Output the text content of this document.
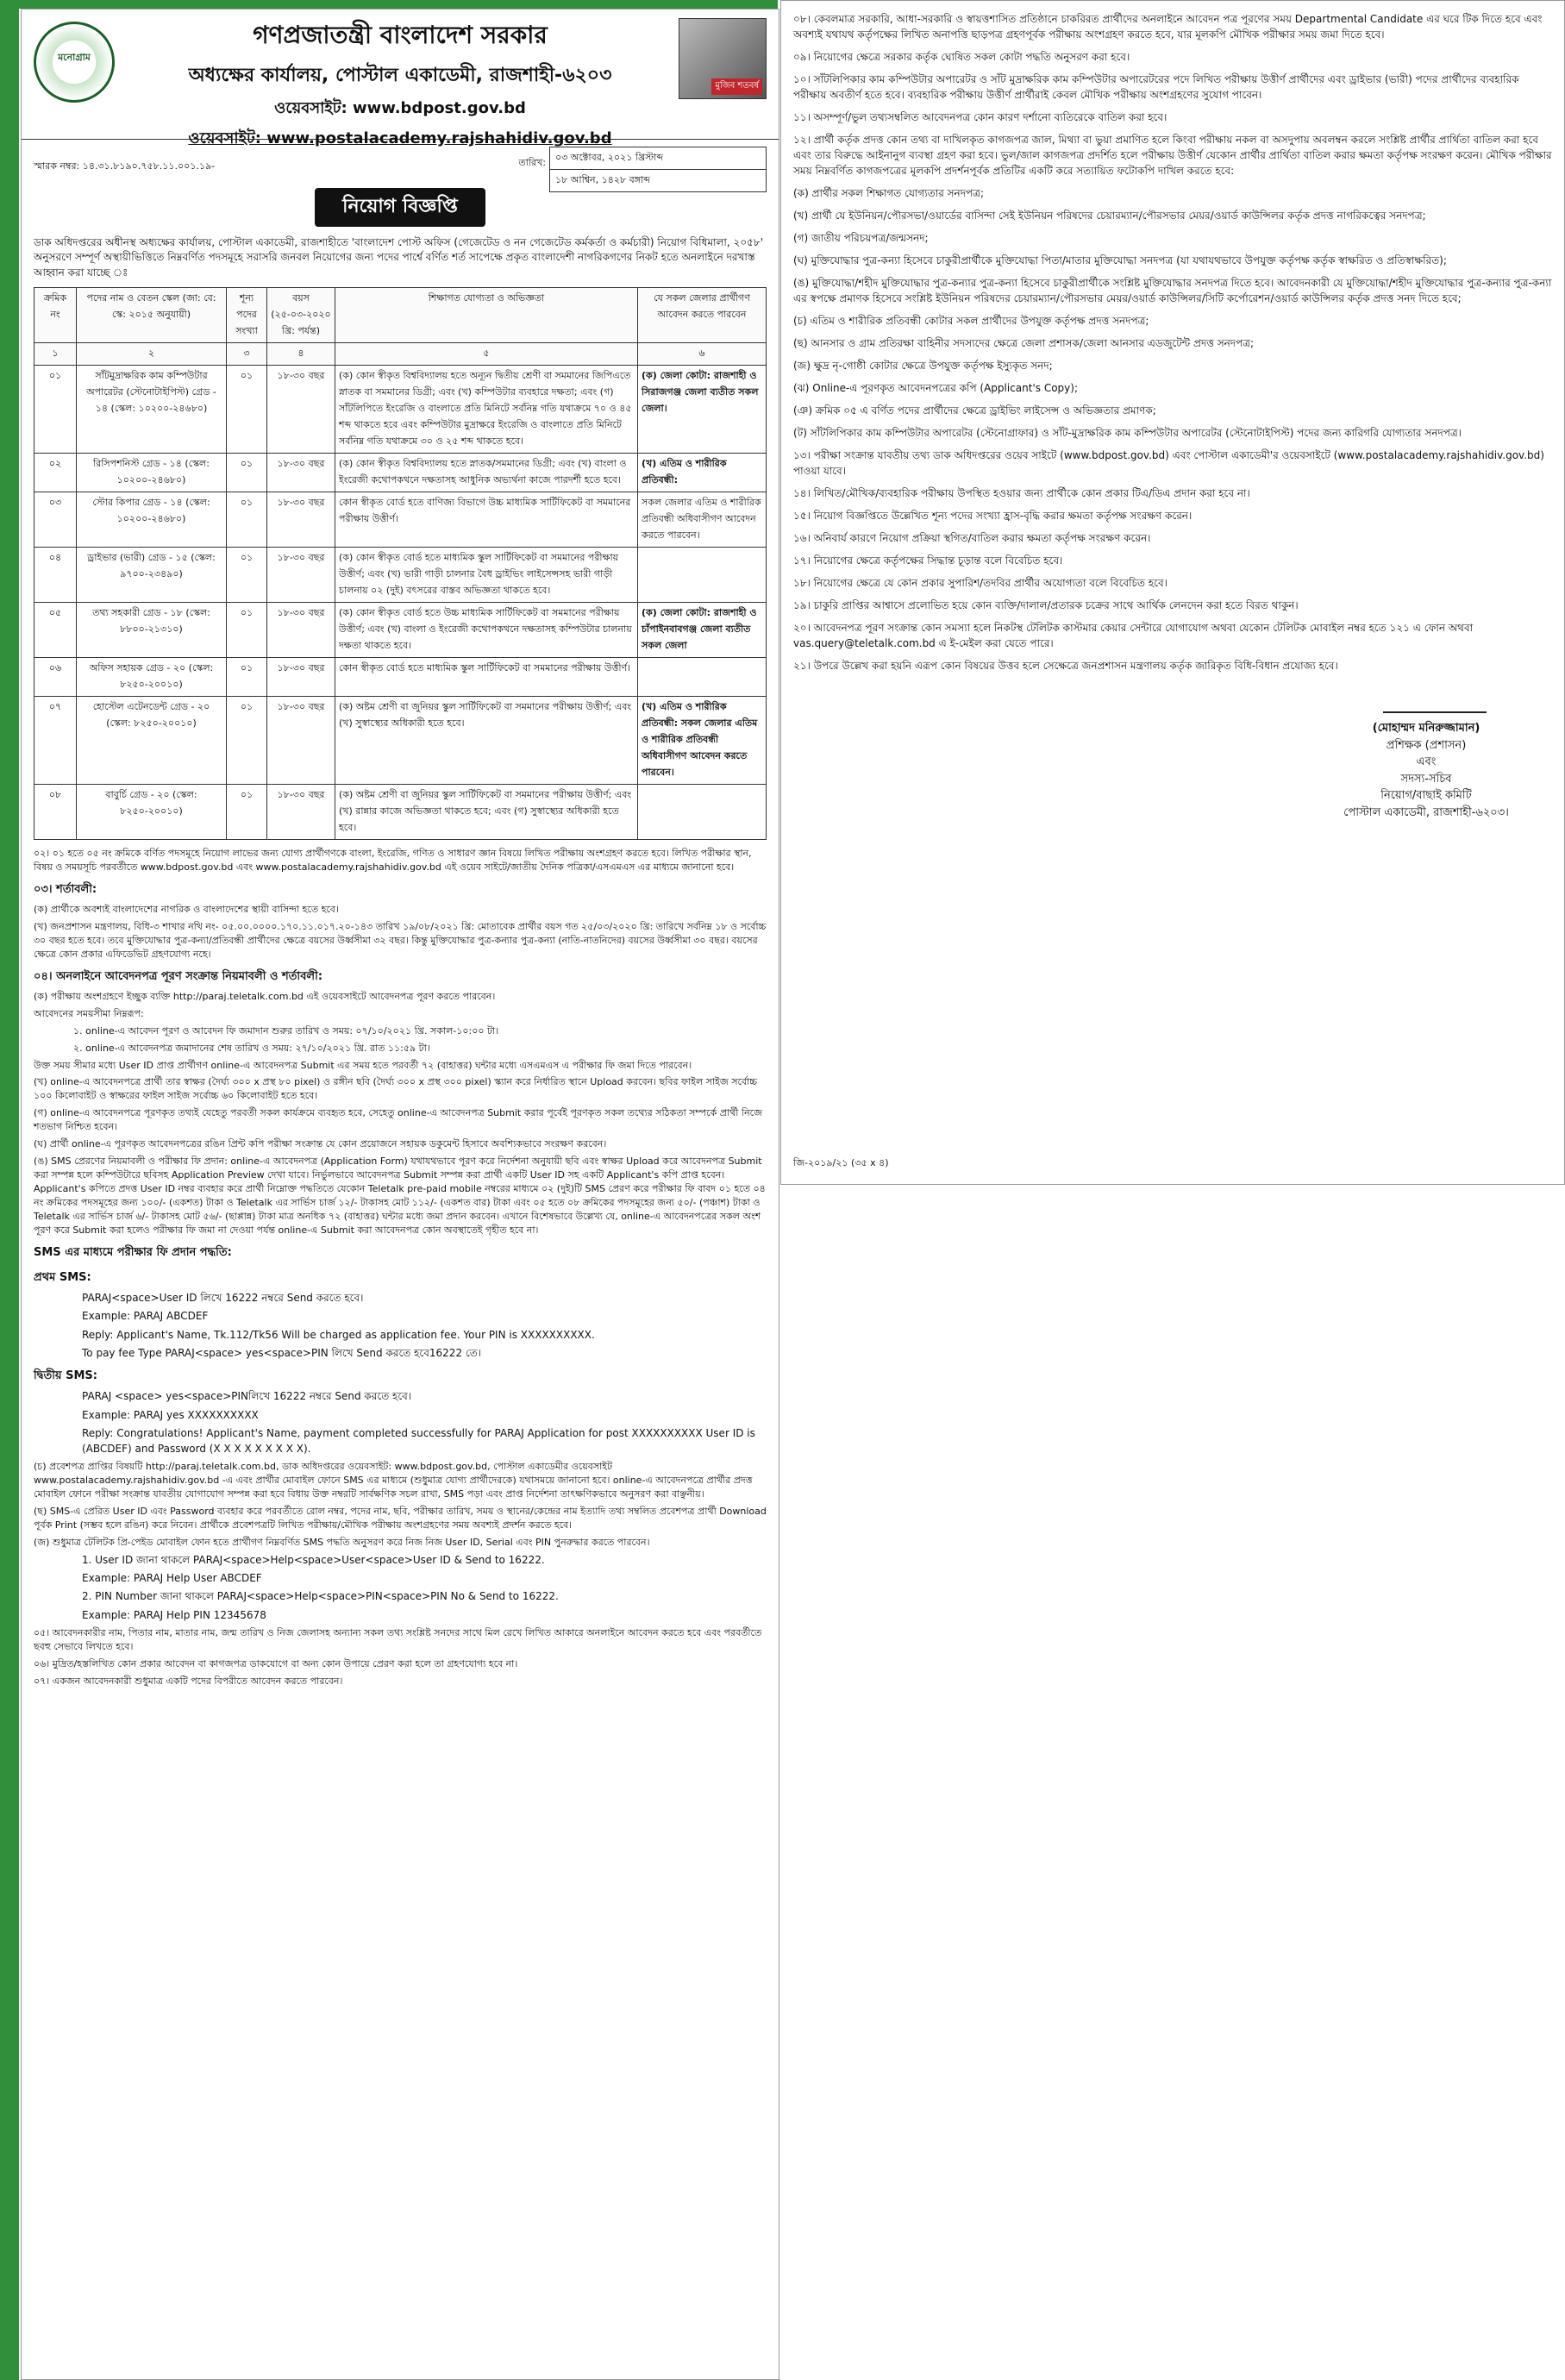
মনোগ্রাম
মুজিব শতবর্ষ
গণপ্রজাতন্ত্রী বাংলাদেশ সরকার
অধ্যক্ষের কার্যালয়, পোস্টাল একাডেমী, রাজশাহী-৬২০৩
ওয়েবসাইট: www.bdpost.gov.bd
ওয়েবসাইট: www.postalacademy.rajshahidiv.gov.bd
স্মারক নম্বর: ১৪.৩১.৮১৯০.৭৫৮.১১.০০১.১৯-	তারিখ:	০৩ অক্টোবর, ২০২১ খ্রিস্টাব্দ
১৮ আশ্বিন, ১৪২৮ বঙ্গাব্দ
নিয়োগ বিজ্ঞপ্তি
ডাক অধিদপ্তরের অধীনস্থ অধ্যক্ষের কার্যালয়, পোস্টাল একাডেমী, রাজশাহীতে 'বাংলাদেশ পোস্ট অফিস (গেজেটেড ও নন গেজেটেড কর্মকর্তা ও কর্মচারী) নিয়োগ বিধিমালা, ২০৫৮' অনুসরণে সম্পূর্ণ অস্থায়ীভিত্তিতে নিম্নবর্ণিত পদসমূহে সরাসরি জনবল নিয়োগের জন্য পদের পার্শ্বে বর্ণিত শর্ত সাপেক্ষে প্রকৃত বাংলাদেশী নাগরিকগণের নিকট হতে অনলাইনে দরখাস্ত আহ্বান করা যাচ্ছে ঃ
ক্রমিক নং	পদের নাম ও বেতন স্কেল (জা: বে: স্কে: ২০১৫ অনুযায়ী)	শূন্য পদের সংখ্যা	বয়স (২৫-০৩-২০২০ খ্রি: পর্যন্ত)	শিক্ষাগত যোগ্যতা ও অভিজ্ঞতা	যে সকল জেলার প্রার্থীগণ আবেদন করতে পারবেন
১	২	৩	৪	৫	৬
০১	সাঁটমুদ্রাক্ষরিক কাম কম্পিউটার অপারেটর (স্টেনোটাইপিস্ট) গ্রেড - ১৪ (স্কেল: ১০২০০-২৪৬৮০)	০১	১৮-৩০ বছর	(ক) কোন স্বীকৃত বিশ্ববিদ্যালয় হতে অন্যূন দ্বিতীয় শ্রেণী বা সমমানের জিপিএতে স্নাতক বা সমমানের ডিগ্রী; এবং (খ) কম্পিউটার ব্যবহারে দক্ষতা; এবং (গ) সাঁটলিপিতে ইংরেজি ও বাংলাতে প্রতি মিনিটে সর্বনিম্ন গতি যথাক্রমে ৭০ ও ৪৫ শব্দ থাকতে হবে এবং কম্পিউটার মুদ্রাক্ষরে ইংরেজি ও বাংলাতে প্রতি মিনিটে সর্বনিম্ন গতি যথাক্রমে ৩০ ও ২৫ শব্দ থাকতে হবে।	(ক) জেলা কোটা: রাজশাহী ও সিরাজগঞ্জ জেলা ব্যতীত সকল জেলা।
০২	রিসিপশনিস্ট গ্রেড - ১৪ (স্কেল: ১০২০০-২৪৬৮০)	০১	১৮-৩০ বছর	(ক) কোন স্বীকৃত বিশ্ববিদ্যালয় হতে স্নাতক/সমমানের ডিগ্রী; এবং (খ) বাংলা ও ইংরেজী কথোপকথনে দক্ষতাসহ আধুনিক অভ্যর্থনা কাজে পারদর্শী হতে হবে।	(খ) এতিম ও শারীরিক প্রতিবন্ধী:
০৩	স্টোর কিপার গ্রেড - ১৪ (স্কেল: ১০২০০-২৪৬৮০)	০১	১৮-৩০ বছর	কোন স্বীকৃত বোর্ড হতে বাণিজ্য বিভাগে উচ্চ মাধ্যমিক সার্টিফিকেট বা সমমানের পরীক্ষায় উত্তীর্ণ।	সকল জেলার এতিম ও শারীরিক প্রতিবন্ধী অধিবাসীগণ আবেদন করতে পারবেন।
০৪	ড্রাইভার (ভারী) গ্রেড - ১৫ (স্কেল: ৯৭০০-২৩৪৯০)	০১	১৮-৩০ বছর	(ক) কোন স্বীকৃত বোর্ড হতে মাধ্যমিক স্কুল সার্টিফিকেট বা সমমানের পরীক্ষায় উত্তীর্ণ; এবং (খ) ভারী গাড়ী চালনার বৈধ ড্রাইভিং লাইসেন্সসহ ভারী গাড়ী চালনায় ০২ (দুই) বৎসরের বাস্তব অভিজ্ঞতা থাকতে হবে।	
০৫	তথ্য সহকারী গ্রেড - ১৮ (স্কেল: ৮৮০০-২১৩১০)	০১	১৮-৩০ বছর	(ক) কোন স্বীকৃত বোর্ড হতে উচ্চ মাধ্যমিক সার্টিফিকেট বা সমমানের পরীক্ষায় উত্তীর্ণ; এবং (খ) বাংলা ও ইংরেজী কথোপকথনে দক্ষতাসহ কম্পিউটার চালনায় দক্ষতা থাকতে হবে।	(ক) জেলা কোটা: রাজশাহী ও চাঁপাইনবাবগঞ্জ জেলা ব্যতীত সকল জেলা
০৬	অফিস সহায়ক গ্রেড - ২০ (স্কেল: ৮২৫০-২০০১০)	০১	১৮-৩০ বছর	কোন স্বীকৃত বোর্ড হতে মাধ্যমিক স্কুল সার্টিফিকেট বা সমমানের পরীক্ষায় উত্তীর্ণ।	
০৭	হোস্টেল এটেনডেন্ট গ্রেড - ২০ (স্কেল: ৮২৫০-২০০১০)	০১	১৮-৩০ বছর	(ক) অষ্টম শ্রেণী বা জুনিয়র স্কুল সার্টিফিকেট বা সমমানের পরীক্ষায় উত্তীর্ণ; এবং (খ) সুস্বাস্থ্যের অধিকারী হতে হবে।	(খ) এতিম ও শারীরিক প্রতিবন্ধী: সকল জেলার এতিম ও শারীরিক প্রতিবন্ধী অধিবাসীগণ আবেদন করতে পারবেন।
০৮	বাবুর্চি গ্রেড - ২০ (স্কেল: ৮২৫০-২০০১০)	০১	১৮-৩০ বছর	(ক) অষ্টম শ্রেণী বা জুনিয়র স্কুল সার্টিফিকেট বা সমমানের পরীক্ষায় উত্তীর্ণ; এবং (খ) রান্নার কাজে অভিজ্ঞতা থাকতে হবে; এবং (গ) সুস্বাস্থ্যের অধিকারী হতে হবে।	
০২। ০১ হতে ০৫ নং ক্রমিকে বর্ণিত পদসমূহে নিয়োগ লাভের জন্য যোগ্য প্রার্থীগণকে বাংলা, ইংরেজি, গণিত ও সাধারণ জ্ঞান বিষয়ে লিখিত পরীক্ষায় অংশগ্রহণ করতে হবে। লিখিত পরীক্ষার স্থান, বিষয় ও সময়সূচি পরবর্তীতে www.bdpost.gov.bd এবং www.postalacademy.rajshahidiv.gov.bd এই ওয়েব সাইটে/জাতীয় দৈনিক পত্রিকা/এসএমএস এর মাধ্যমে জানানো হবে।
০৩। শর্তাবলী:
(ক) প্রার্থীকে অবশ্যই বাংলাদেশের নাগরিক ও বাংলাদেশের স্থায়ী বাসিন্দা হতে হবে।
(খ) জনপ্রশাসন মন্ত্রণালয়, বিধি-৩ শাখার নথি নং- ০৫.০০.০০০০.১৭০.১১.০১৭.২০-১৪৩ তারিখ ১৯/০৮/২০২১ খ্রি: মোতাবেক প্রার্থীর বয়স গত ২৫/০৩/২০২০ খ্রি: তারিখে সর্বনিম্ন ১৮ ও সর্বোচ্চ ৩০ বছর হতে হবে। তবে মুক্তিযোদ্ধার পুত্র-কন্যা/প্রতিবন্ধী প্রার্থীদের ক্ষেত্রে বয়সের উর্ধ্বসীমা ৩২ বছর। কিন্তু মুক্তিযোদ্ধার পুত্র-কন্যার পুত্র-কন্যা (নাতি-নাতনিদের) বয়সের উর্ধ্বসীমা ৩০ বছর। বয়সের ক্ষেত্রে কোন প্রকার এফিডেভিট গ্রহণযোগ্য নহে।
০৪। অনলাইনে আবেদনপত্র পূরণ সংক্রান্ত নিয়মাবলী ও শর্তাবলী:
(ক) পরীক্ষায় অংশগ্রহণে ইচ্ছুক ব্যক্তি http://paraj.teletalk.com.bd এই ওয়েবসাইটে আবেদনপত্র পূরণ করতে পারবেন।
আবেদনের সময়সীমা নিম্নরূপ:
১. online-এ আবেদন পূরণ ও আবেদন ফি জমাদান শুরুর তারিখ ও সময়: ০৭/১০/২০২১ খ্রি. সকাল-১০:০০ টা।
২. online-এ আবেদনপত্র জমাদানের শেষ তারিখ ও সময়: ২৭/১০/২০২১ খ্রি. রাত ১১:৫৯ টা।
উক্ত সময় সীমার মধ্যে User ID প্রাপ্ত প্রার্থীগণ online-এ আবেদনপত্র Submit এর সময় হতে পরবর্তী ৭২ (বাহাত্তর) ঘন্টার মধ্যে এসএমএস এ পরীক্ষার ফি জমা দিতে পারবেন।
(খ) online-এ আবেদনপত্রে প্রার্থী তার স্বাক্ষর (দৈর্ঘ্য ৩০০ x প্রস্থ ৮০ pixel) ও রঙ্গীন ছবি (দৈর্ঘ্য ৩০০ x প্রস্থ ৩০০ pixel) স্ক্যান করে নির্ধারিত স্থানে Upload করবেন। ছবির ফাইল সাইজ সর্বোচ্চ ১০০ কিলোবাইট ও স্বাক্ষরের ফাইল সাইজ সর্বোচ্চ ৬০ কিলোবাইট হতে হবে।
(গ) online-এ আবেদনপত্রে পূরণকৃত তথ্যই যেহেতু পরবর্তী সকল কার্যক্রমে ব্যবহৃত হবে, সেহেতু online-এ আবেদনপত্র Submit করার পূর্বেই পূরণকৃত সকল তথ্যের সঠিকতা সম্পর্কে প্রার্থী নিজে শতভাগ নিশ্চিত হবেন।
(ঘ) প্রার্থী online-এ পূরণকৃত আবেদনপত্রের রঙিন প্রিন্ট কপি পরীক্ষা সংক্রান্ত যে কোন প্রয়োজনে সহায়ক ডকুমেন্ট হিসাবে অবশ্যিকভাবে সংরক্ষণ করবেন।
(ঙ) SMS প্রেরণের নিয়মাবলী ও পরীক্ষার ফি প্রদান: online-এ আবেদনপত্র (Application Form) যথাযথভাবে পূরণ করে নির্দেশনা অনুযায়ী ছবি এবং স্বাক্ষর Upload করে আবেদনপত্র Submit করা সম্পন্ন হলে কম্পিউটারে ছবিসহ Application Preview দেখা যাবে। নির্ভুলভাবে আবেদনপত্র Submit সম্পন্ন করা প্রার্থী একটি User ID সহ একটি Applicant's কপি প্রাপ্ত হবেন। Applicant's কপিতে প্রদত্ত User ID নম্বর ব্যবহার করে প্রার্থী নিম্নোক্ত পদ্ধতিতে যেকোন Teletalk pre-paid mobile নম্বরের মাধ্যমে ০২ (দুই)টি SMS প্রেরণ করে পরীক্ষার ফি বাবদ ০১ হতে ০৪ নং ক্রমিকের পদসমূহের জন্য ১০০/- (একশত) টাকা ও Teletalk এর সার্ভিস চার্জ ১২/- টাকাসহ মোট ১১২/- (একশত বার) টাকা এবং ০৫ হতে ০৮ ক্রমিকের পদসমূহের জন্য ৫০/- (পঞ্চাশ) টাকা ও Teletalk এর সার্ভিস চার্জ ৬/- টাকাসহ মোট ৫৬/- (ছাপ্পান্ন) টাকা মাত্র অনধিক ৭২ (বাহাত্তর) ঘন্টার মধ্যে জমা প্রদান করবেন। এখানে বিশেষভাবে উল্লেখ্য যে, online-এ আবেদনপত্রের সকল অংশ পূরণ করে Submit করা হলেও পরীক্ষার ফি জমা না দেওয়া পর্যন্ত online-এ Submit করা আবেদনপত্র কোন অবস্থাতেই গৃহীত হবে না।
SMS এর মাধ্যমে পরীক্ষার ফি প্রদান পদ্ধতি:
প্রথম SMS:
PARAJ<space>User ID লিখে 16222 নম্বরে Send করতে হবে।
Example: PARAJ ABCDEF
Reply: Applicant's Name, Tk.112/Tk56 Will be charged as application fee. Your PIN is XXXXXXXXXX.
To pay fee Type PARAJ<space> yes<space>PIN লিখে Send করতে হবে16222 তে।
দ্বিতীয় SMS:
PARAJ <space> yes<space>PINলিখে 16222 নম্বরে Send করতে হবে।
Example: PARAJ yes XXXXXXXXXX
Reply: Congratulations! Applicant's Name, payment completed successfully for PARAJ Application for post XXXXXXXXXX User ID is (ABCDEF) and Password (X X X X X X X X X).
(চ) প্রবেশপত্র প্রাপ্তির বিষয়টি http://paraj.teletalk.com.bd, ডাক অধিদপ্তরের ওয়েবসাইট: www.bdpost.gov.bd, পোস্টাল একাডেমীর ওয়েবসাইট www.postalacademy.rajshahidiv.gov.bd -এ এবং প্রার্থীর মোবাইল ফোনে SMS এর মাধ্যমে (শুধুমাত্র যোগ্য প্রার্থীদেরকে) যথাসময়ে জানানো হবে। online-এ আবেদনপত্রে প্রার্থীর প্রদত্ত মোবাইল ফোনে পরীক্ষা সংক্রান্ত যাবতীয় যোগাযোগ সম্পন্ন করা হবে বিধায় উক্ত নম্বরটি সার্বক্ষণিক সচল রাখা, SMS পড়া এবং প্রাপ্ত নির্দেশনা তাৎক্ষণিকভাবে অনুসরণ করা বাঞ্ছনীয়।
(ছ) SMS-এ প্রেরিত User ID এবং Password ব্যবহার করে পরবর্তীতে রোল নম্বর, পদের নাম, ছবি, পরীক্ষার তারিখ, সময় ও স্থানের/কেন্দ্রের নাম ইত্যাদি তথ্য সম্বলিত প্রবেশপত্র প্রার্থী Download পূর্বক Print (সম্ভব হলে রঙিন) করে নিবেন। প্রার্থীকে প্রবেশপত্রটি লিখিত পরীক্ষায়/মৌখিক পরীক্ষায় অংশগ্রহণের সময় অবশ্যই প্রদর্শন করতে হবে।
(জ) শুধুমাত্র টেলিটক প্রি-পেইড মোবাইল ফোন হতে প্রার্থীগণ নিম্নবর্ণিত SMS পদ্ধতি অনুসরণ করে নিজ নিজ User ID, Serial এবং PIN পুনরুদ্ধার করতে পারবেন।
1. User ID জানা থাকলে PARAJ<space>Help<space>User<space>User ID & Send to 16222.
Example: PARAJ Help User ABCDEF
2. PIN Number জানা থাকলে PARAJ<space>Help<space>PIN<space>PIN No & Send to 16222.
Example: PARAJ Help PIN 12345678
০৫। আবেদনকারীর নাম, পিতার নাম, মাতার নাম, জন্ম তারিখ ও নিজ জেলাসহ অন্যান্য সকল তথ্য সংশ্লিষ্ট সনদের সাথে মিল রেখে লিখিত আকারে অনলাইনে আবেদন করতে হবে এবং পরবর্তীতে ছবহু সেভাবে লিখতে হবে।
০৬। মুদ্রিত/হস্তলিখিত কোন প্রকার আবেদন বা কাগজপত্র ডাকযোগে বা অন্য কোন উপায়ে প্রেরণ করা হলে তা গ্রহণযোগ্য হবে না।
০৭। একজন আবেদনকারী শুধুমাত্র একটি পদের বিপরীতে আবেদন করতে পারবেন।
০৮। কেবলমাত্র সরকারি, আধা-সরকারি ও স্বায়ত্তশাসিত প্রতিষ্ঠানে চাকরিরত প্রার্থীদের অনলাইনে আবেদন পত্র পূরণের সময় Departmental Candidate এর ঘরে টিক দিতে হবে এবং অবশ্যই যথাযথ কর্তৃপক্ষের লিখিত অনাপত্তি ছাড়পত্র গ্রহণপূর্বক পরীক্ষায় অংশগ্রহণ করতে হবে, যার মূলকপি মৌখিক পরীক্ষার সময় জমা দিতে হবে।
০৯। নিয়োগের ক্ষেত্রে সরকার কর্তৃক ঘোষিত সকল কোটা পদ্ধতি অনুসরণ করা হবে।
১০। সাঁটলিপিকার কাম কম্পিউটার অপারেটর ও সাঁট মুদ্রাক্ষরিক কাম কম্পিউটার অপারেটরের পদে লিখিত পরীক্ষায় উত্তীর্ণ প্রার্থীদের এবং ড্রাইভার (ভারী) পদের প্রার্থীদের ব্যবহারিক পরীক্ষায় অবতীর্ণ হতে হবে। ব্যবহারিক পরীক্ষায় উত্তীর্ণ প্রার্থীরাই কেবল মৌখিক পরীক্ষায় অংশগ্রহণের সুযোগ পাবেন।
১১। অসম্পূর্ণ/ভুল তথ্যসম্বলিত আবেদনপত্র কোন কারণ দর্শানো ব্যতিরেকে বাতিল করা হবে।
১২। প্রার্থী কর্তৃক প্রদত্ত কোন তথ্য বা দাখিলকৃত কাগজপত্র জাল, মিথ্যা বা ভুয়া প্রমাণিত হলে কিংবা পরীক্ষায় নকল বা অসদুপায় অবলম্বন করলে সংশ্লিষ্ট প্রার্থীর প্রার্থিতা বাতিল করা হবে এবং তার বিরুদ্ধে আইনানুগ ব্যবস্থা গ্রহণ করা হবে। ভুল/জাল কাগজপত্র প্রদর্শিত হলে পরীক্ষায় উত্তীর্ণ যেকোন প্রার্থীর প্রার্থিতা বাতিল করার ক্ষমতা কর্তৃপক্ষ সংরক্ষণ করেন। মৌখিক পরীক্ষার সময় নিম্নবর্ণিত কাগজপত্রের মূলকপি প্রদর্শনপূর্বক প্রতিটির একটি করে সত্যায়িত ফটোকপি দাখিল করতে হবে:
(ক) প্রার্থীর সকল শিক্ষাগত যোগ্যতার সনদপত্র;
(খ) প্রার্থী যে ইউনিয়ন/পৌরসভা/ওয়ার্ডের বাসিন্দা সেই ইউনিয়ন পরিষদের চেয়ারম্যান/পৌরসভার মেয়র/ওয়ার্ড কাউন্সিলর কর্তৃক প্রদত্ত নাগরিকত্বের সনদপত্র;
(গ) জাতীয় পরিচয়পত্র/জন্মসনদ;
(ঘ) মুক্তিযোদ্ধার পুত্র-কন্যা হিসেবে চাকুরীপ্রার্থীকে মুক্তিযোদ্ধা পিতা/মাতার মুক্তিযোদ্ধা সনদপত্র (যা যথাযথভাবে উপযুক্ত কর্তৃপক্ষ কর্তৃক স্বাক্ষরিত ও প্রতিস্বাক্ষরিত);
(ঙ) মুক্তিযোদ্ধা/শহীদ মুক্তিযোদ্ধার পুত্র-কন্যার পুত্র-কন্যা হিসেবে চাকুরীপ্রার্থীকে সংশ্লিষ্ট মুক্তিযোদ্ধার সনদপত্র দিতে হবে। আবেদনকারী যে মুক্তিযোদ্ধা/শহীদ মুক্তিযোদ্ধার পুত্র-কন্যার পুত্র-কন্যা এর স্বপক্ষে প্রমাণক হিসেবে সংশ্লিষ্ট ইউনিয়ন পরিষদের চেয়ারম্যান/পৌরসভার মেয়র/ওয়ার্ড কাউন্সিলর/সিটি কর্পোরেশন/ওয়ার্ড কাউন্সিলর কর্তৃক প্রদত্ত সনদ দিতে হবে;
(চ) এতিম ও শারীরিক প্রতিবন্ধী কোটার সকল প্রার্থীদের উপযুক্ত কর্তৃপক্ষ প্রদত্ত সনদপত্র;
(ছ) আনসার ও গ্রাম প্রতিরক্ষা বাহিনীর সদস্যদের ক্ষেত্রে জেলা প্রশাসক/জেলা আনসার এডজুটেন্ট প্রদত্ত সনদপত্র;
(জ) ক্ষুদ্র নৃ-গোষ্ঠী কোটার ক্ষেত্রে উপযুক্ত কর্তৃপক্ষ ইস্যুকৃত সনদ;
(ঝ) Online-এ পূরণকৃত আবেদনপত্রের কপি (Applicant's Copy);
(ঞ) ক্রমিক ০৫ এ বর্ণিত পদের প্রার্থীদের ক্ষেত্রে ড্রাইভিং লাইসেন্স ও অভিজ্ঞতার প্রমাণক;
(ট) সাঁটলিপিকার কাম কম্পিউটার অপারেটর (স্টেনোগ্রাফার) ও সাঁট-মুদ্রাক্ষরিক কাম কম্পিউটার অপারেটর (স্টেনোটাইপিস্ট) পদের জন্য কারিগরি যোগ্যতার সনদপত্র।
১৩। পরীক্ষা সংক্রান্ত যাবতীয় তথ্য ডাক অধিদপ্তরের ওয়েব সাইটে (www.bdpost.gov.bd) এবং পোস্টাল একাডেমী'র ওয়েবসাইটে (www.postalacademy.rajshahidiv.gov.bd) পাওয়া যাবে।
১৪। লিখিত/মৌখিক/ব্যবহারিক পরীক্ষায় উপস্থিত হওয়ার জন্য প্রার্থীকে কোন প্রকার টিএ/ডিএ প্রদান করা হবে না।
১৫। নিয়োগ বিজ্ঞপ্তিতে উল্লেখিত শূন্য পদের সংখ্যা হ্রাস-বৃদ্ধি করার ক্ষমতা কর্তৃপক্ষ সংরক্ষণ করেন।
১৬। অনিবার্য কারণে নিয়োগ প্রক্রিয়া স্থগিত/বাতিল করার ক্ষমতা কর্তৃপক্ষ সংরক্ষণ করেন।
১৭। নিয়োগের ক্ষেত্রে কর্তৃপক্ষের সিদ্ধান্ত চূড়ান্ত বলে বিবেচিত হবে।
১৮। নিয়োগের ক্ষেত্রে যে কোন প্রকার সুপারিশ/তদবির প্রার্থীর অযোগ্যতা বলে বিবেচিত হবে।
১৯। চাকুরি প্রাপ্তির আশ্বাসে প্রলোভিত হয়ে কোন ব্যক্তি/দালাল/প্রতারক চক্রের সাথে আর্থিক লেনদেন করা হতে বিরত থাকুন।
২০। আবেদনপত্র পূরণ সংক্রান্ত কোন সমস্যা হলে নিকটস্থ টেলিটক কাস্টমার কেয়ার সেন্টারে যোগাযোগ অথবা যেকোন টেলিটক মোবাইল নম্বর হতে ১২১ এ ফোন অথবা vas.query@teletalk.com.bd এ ই-মেইল করা যেতে পারে।
২১। উপরে উল্লেখ করা হয়নি এরূপ কোন বিষয়ের উত্তব হলে সেক্ষেত্রে জনপ্রশাসন মন্ত্রণালয় কর্তৃক জারিকৃত বিধি-বিধান প্রযোজ্য হবে।
(মোহাম্মদ মনিরুজ্জামান)
প্রশিক্ষক (প্রশাসন)
এবং
সদস্য-সচিব
নিয়োগ/বাছাই কমিটি
পোস্টাল একাডেমী, রাজশাহী-৬২০৩।
জি-২০১৯/২১ (৩৫ x ৪)
